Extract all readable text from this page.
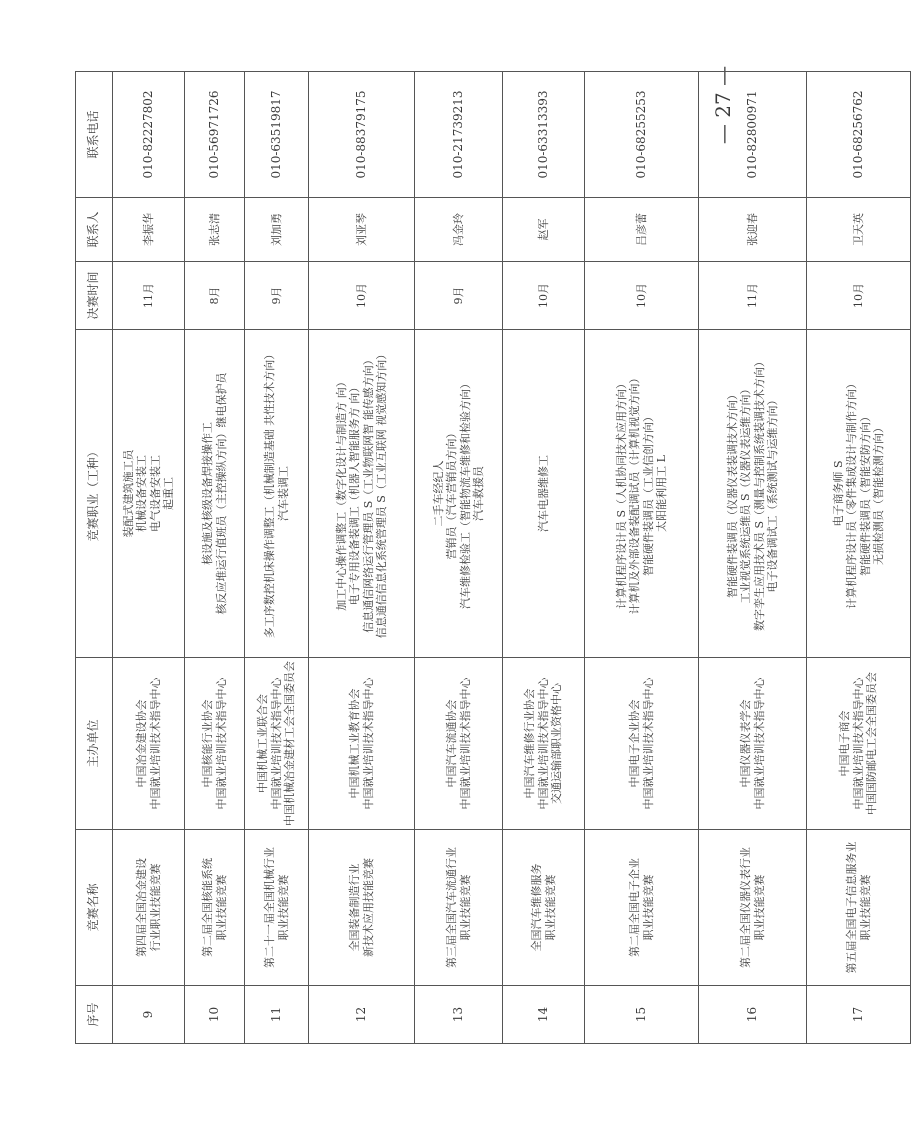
— 27 —
序号	竞赛名称	主办单位	竞赛职业（工种）	决赛时间	联系人	联系电话
9	第四届全国冶金建设 行业职业技能竞赛	中国冶金建设协会 中国就业培训技术指导中心	装配式建筑施工员 机械设备安装工 电气设备安装工 起重工	11月	李振华	010-82227802
10	第二届全国核能系统 职业技能竞赛	中国核能行业协会 中国就业培训技术指导中心	核设施及核级设备焊接操作工 核反应堆运行值班员（主控操纵方向）继电保护员	8月	张志清	010-56971726
11	第二十一届全国机械行业 职业技能竞赛	中国机械工业联合会 中国就业培训技术指导中心 中国机械冶金建材工会全国委员会	多工序数控机床操作调整工（机械制造基础 共性技术方向） 汽车装调工	9月	刘加勇	010-63519817
12	全国装备制造行业 新技术应用技能竞赛	中国机械工业教育协会 中国就业培训技术指导中心	加工中心操作调整工（数字化设计与制造方 向） 电子专用设备装调工（机器人智能服务方 向） 信息通信网络运行管理员 S（工业物联网智 能传感方向） 信息通信信息化系统管理员 S（工业互联网 视觉感知方向）	10月	刘亚琴	010-88379175
13	第三届全国汽车流通行业 职业技能竞赛	中国汽车流通协会 中国就业培训技术指导中心	二手车经纪人 营销员（汽车营销员方向） 汽车维修检验工（智能物流车维修和检验方向） 汽车救援员	9月	冯金玲	010-21739213
14	全国汽车维修服务 职业技能竞赛	中国汽车维修行业协会 中国就业培训技术指导中心 交通运输部职业资格中心	汽车电器维修工	10月	赵军	010-63313393
15	第二届全国电子企业 职业技能竞赛	中国电子企业协会 中国就业培训技术指导中心	计算机程序设计员 S（人机协同技术应用方向） 计算机及外部设备装配调试员（计算机视觉方向） 智能硬件装调员（工业信创方向） 太阳能利用工 L	10月	吕彦蕾	010-68255253
16	第二届全国仪器仪表行业 职业技能竞赛	中国仪器仪表学会 中国就业培训技术指导中心	智能硬件装调员（仪器仪表装调技术方向） 工业视觉系统运维员 S（仪器仪表运维方向） 数字孪生应用技术员 S（测量与控制系统装调技术方向） 电子设备调试工（系统测试与运维方向）	11月	张迎春	010-82800971
17	第五届全国电子信息服务业 职业技能竞赛	中国电子商会 中国就业培训技术指导中心 中国国防邮电工会全国委员会	电子商务师 S 计算机程序设计员（零件集成设计与制作方向） 智能硬件装调员（智能安防方向） 无损检测员（智能检测方向）	10月	卫天英	010-68256762
